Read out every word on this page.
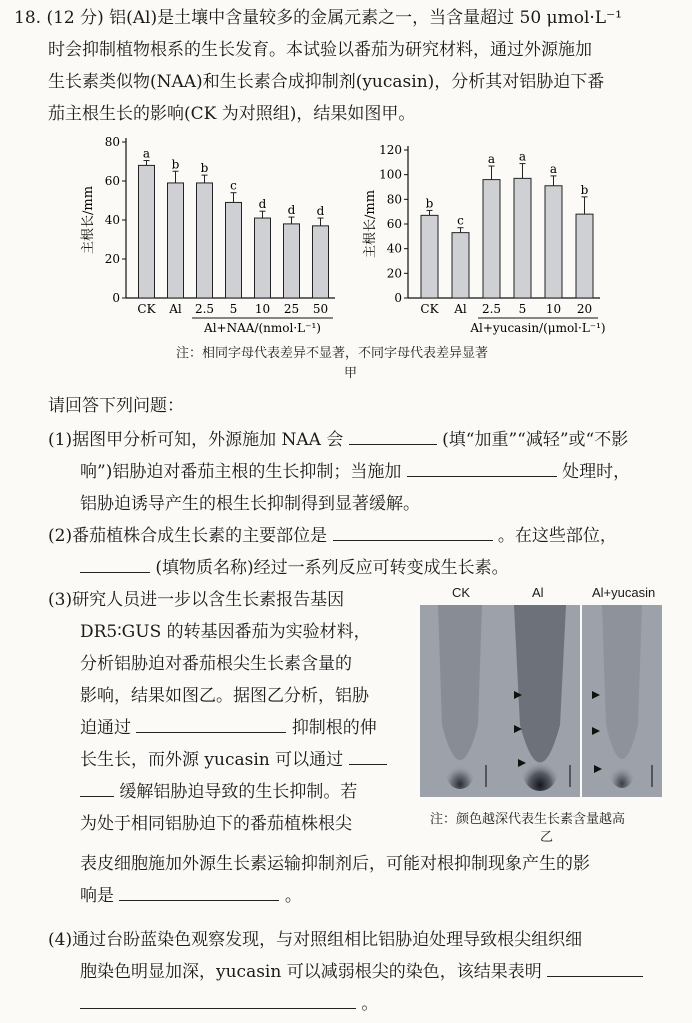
18. (12 分) 铝(Al)是土壤中含量较多的金属元素之一，当含量超过 50 μmol·L⁻¹
时会抑制植物根系的生长发育。本试验以番茄为研究材料，通过外源施加
生长素类似物(NAA)和生长素合成抑制剂(yucasin)，分析其对铝胁迫下番
茄主根生长的影响(CK 为对照组)，结果如图甲。
主根长/mm
0
20
40
60
80
a
CK
b
Al
b
2.5
c
5
d
10
d
25
d
50
Al+NAA/(nmol·L⁻¹)
主根长/mm
0
20
40
60
80
100
120
b
CK
c
Al
a
2.5
a
5
a
10
b
20
Al+yucasin/(μmol·L⁻¹)
注：相同字母代表差异不显著，不同字母代表差异显著
甲
请回答下列问题：
(1)据图甲分析可知，外源施加 NAA 会	(填“加重”“减轻”或“不影
响”)铝胁迫对番茄主根的生长抑制；当施加	处理时，
铝胁迫诱导产生的根生长抑制得到显著缓解。
(2)番茄植株合成生长素的主要部位是	。在这些部位，
(填物质名称)经过一系列反应可转变成生长素。
(3)研究人员进一步以含生长素报告基因
DR5∶GUS 的转基因番茄为实验材料，
分析铝胁迫对番茄根尖生长素含量的
影响，结果如图乙。据图乙分析，铝胁
迫通过	抑制根的伸
长生长，而外源 yucasin 可以通过
缓解铝胁迫导致的生长抑制。若
为处于相同铝胁迫下的番茄植株根尖
表皮细胞施加外源生长素运输抑制剂后，可能对根抑制现象产生的影
响是	。
CK	Al	Al+yucasin
注：颜色越深代表生长素含量越高
乙
(4)通过台盼蓝染色观察发现，与对照组相比铝胁迫处理导致根尖组织细
胞染色明显加深，yucasin 可以减弱根尖的染色，该结果表明
。
